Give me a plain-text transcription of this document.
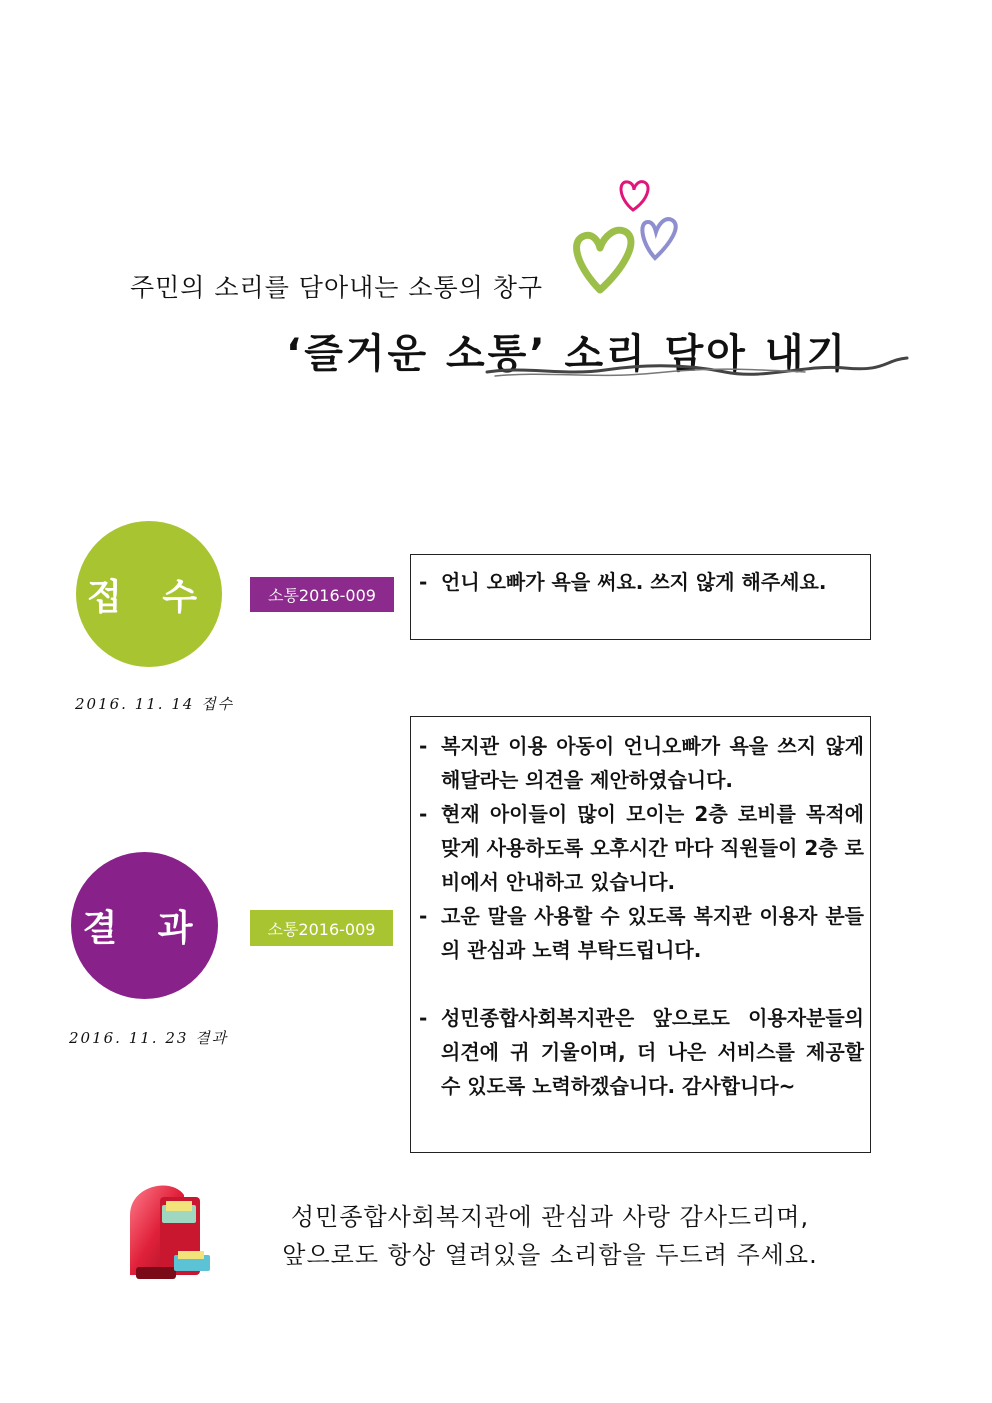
주민의 소리를 담아내는 소통의 창구
‘즐거운 소통’ 소리 담아 내기
접 수	소통2016-009
2016. 11. 14 접수
- 언니 오빠가 욕을 써요. 쓰지 않게 해주세요.
결 과	소통2016-009
2016. 11. 23 결과
- 복지관 이용 아동이 언니오빠가 욕을 쓰지 않게 해달라는 의견을 제안하였습니다.
- 현재 아이들이 많이 모이는 2층 로비를 목적에 맞게 사용하도록 오후시간 마다 직원들이 2층 로비에서 안내하고 있습니다.
- 고운 말을 사용할 수 있도록 복지관 이용자 분들의 관심과 노력 부탁드립니다.
- 성민종합사회복지관은 앞으로도 이용자분들의 의견에 귀 기울이며, 더 나은 서비스를 제공할 수 있도록 노력하겠습니다. 감사합니다~
성민종합사회복지관에 관심과 사랑 감사드리며,
앞으로도 항상 열려있을 소리함을 두드려 주세요.
